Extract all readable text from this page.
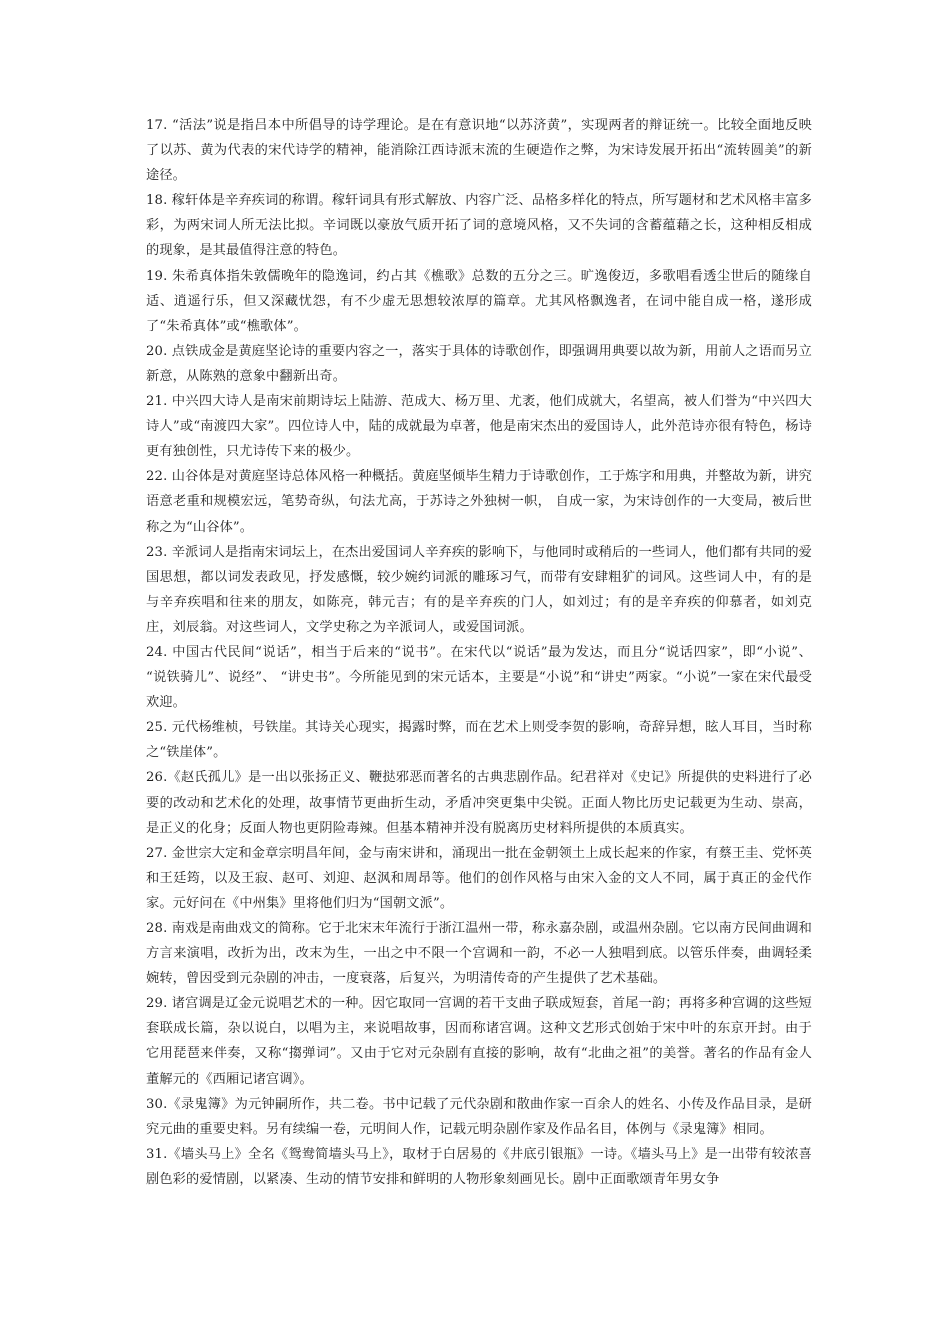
17. “活法”说是指吕本中所倡导的诗学理论。是在有意识地“以苏济黄”，实现两者的辩证统一。比较全面地反映了以苏、黄为代表的宋代诗学的精神，能消除江西诗派末流的生硬造作之弊，为宋诗发展开拓出“流转圆美”的新途径。

18. 稼轩体是辛弃疾词的称谓。稼轩词具有形式解放、内容广泛、品格多样化的特点，所写题材和艺术风格丰富多彩，为两宋词人所无法比拟。辛词既以豪放气质开拓了词的意境风格，又不失词的含蓄蕴藉之长，这种相反相成的现象，是其最值得注意的特色。

19. 朱希真体指朱敦儒晚年的隐逸词，约占其《樵歌》总数的五分之三。旷逸俊迈，多歌唱看透尘世后的随缘自适、逍遥行乐，但又深藏忧怨，有不少虚无思想较浓厚的篇章。尤其风格飘逸者，在词中能自成一格，遂形成了“朱希真体”或“樵歌体”。

20. 点铁成金是黄庭坚论诗的重要内容之一，落实于具体的诗歌创作，即强调用典要以故为新，用前人之语而另立新意，从陈熟的意象中翻新出奇。

21. 中兴四大诗人是南宋前期诗坛上陆游、范成大、杨万里、尤袤，他们成就大，名望高，被人们誉为“中兴四大诗人”或“南渡四大家”。四位诗人中，陆的成就最为卓著，他是南宋杰出的爱国诗人，此外范诗亦很有特色，杨诗更有独创性，只尤诗传下来的极少。

22. 山谷体是对黄庭坚诗总体风格一种概括。黄庭坚倾毕生精力于诗歌创作，工于炼字和用典，并整故为新，讲究语意老重和规模宏远，笔势奇纵，句法尤高，于苏诗之外独树一帜， 自成一家，为宋诗创作的一大变局，被后世称之为“山谷体”。

23. 辛派词人是指南宋词坛上，在杰出爱国词人辛弃疾的影响下，与他同时或稍后的一些词人，他们都有共同的爱国思想，都以词发表政见，抒发感慨，较少婉约词派的雕琢习气，而带有安肆粗犷的词风。这些词人中，有的是与辛弃疾唱和往来的朋友，如陈亮，韩元吉；有的是辛弃疾的门人，如刘过；有的是辛弃疾的仰慕者，如刘克庄，刘辰翁。对这些词人，文学史称之为辛派词人，或爱国词派。

24. 中国古代民间“说话”，相当于后来的“说书”。在宋代以“说话”最为发达，而且分“说话四家”，即“小说”、 “说铁骑儿”、说经”、 “讲史书”。今所能见到的宋元话本，主要是“小说”和“讲史”两家。“小说”一家在宋代最受欢迎。

25. 元代杨维桢，号铁崖。其诗关心现实，揭露时弊，而在艺术上则受李贺的影响，奇辞异想，眩人耳目，当时称之“铁崖体”。

26.《赵氏孤儿》是一出以张扬正义、鞭挞邪恶而著名的古典悲剧作品。纪君祥对《史记》所提供的史料进行了必要的改动和艺术化的处理，故事情节更曲折生动，矛盾冲突更集中尖锐。正面人物比历史记载更为生动、崇高，是正义的化身；反面人物也更阴险毒辣。但基本精神并没有脱离历史材料所提供的本质真实。

27. 金世宗大定和金章宗明昌年间，金与南宋讲和，涌现出一批在金朝领土上成长起来的作家，有蔡王圭、党怀英和王廷筠，以及王寂、赵可、刘迎、赵沨和周昂等。他们的创作风格与由宋入金的文人不同，属于真正的金代作家。元好问在《中州集》里将他们归为“国朝文派”。

28. 南戏是南曲戏文的简称。它于北宋末年流行于浙江温州一带，称永嘉杂剧，或温州杂剧。它以南方民间曲调和方言来演唱，改折为出，改末为生，一出之中不限一个宫调和一韵，不必一人独唱到底。以管乐伴奏，曲调轻柔婉转，曾因受到元杂剧的冲击，一度衰落，后复兴，为明清传奇的产生提供了艺术基础。

29. 诸宫调是辽金元说唱艺术的一种。因它取同一宫调的若干支曲子联成短套，首尾一韵；再将多种宫调的这些短套联成长篇，杂以说白，以唱为主，来说唱故事，因而称诸宫调。这种文艺形式创始于宋中叶的东京开封。由于它用琵琶来伴奏，又称“搊弹词”。又由于它对元杂剧有直接的影响，故有“北曲之祖”的美誉。著名的作品有金人董解元的《西厢记诸宫调》。

30.《录鬼簿》为元钟嗣所作，共二卷。书中记载了元代杂剧和散曲作家一百余人的姓名、小传及作品目录，是研究元曲的重要史料。另有续编一卷，元明间人作，记载元明杂剧作家及作品名目，体例与《录鬼簿》相同。

31.《墙头马上》全名《鸳鸯简墙头马上》，取材于白居易的《井底引银瓶》一诗。《墙头马上》是一出带有较浓喜剧色彩的爱情剧，以紧凑、生动的情节安排和鲜明的人物形象刻画见长。剧中正面歌颂青年男女争
